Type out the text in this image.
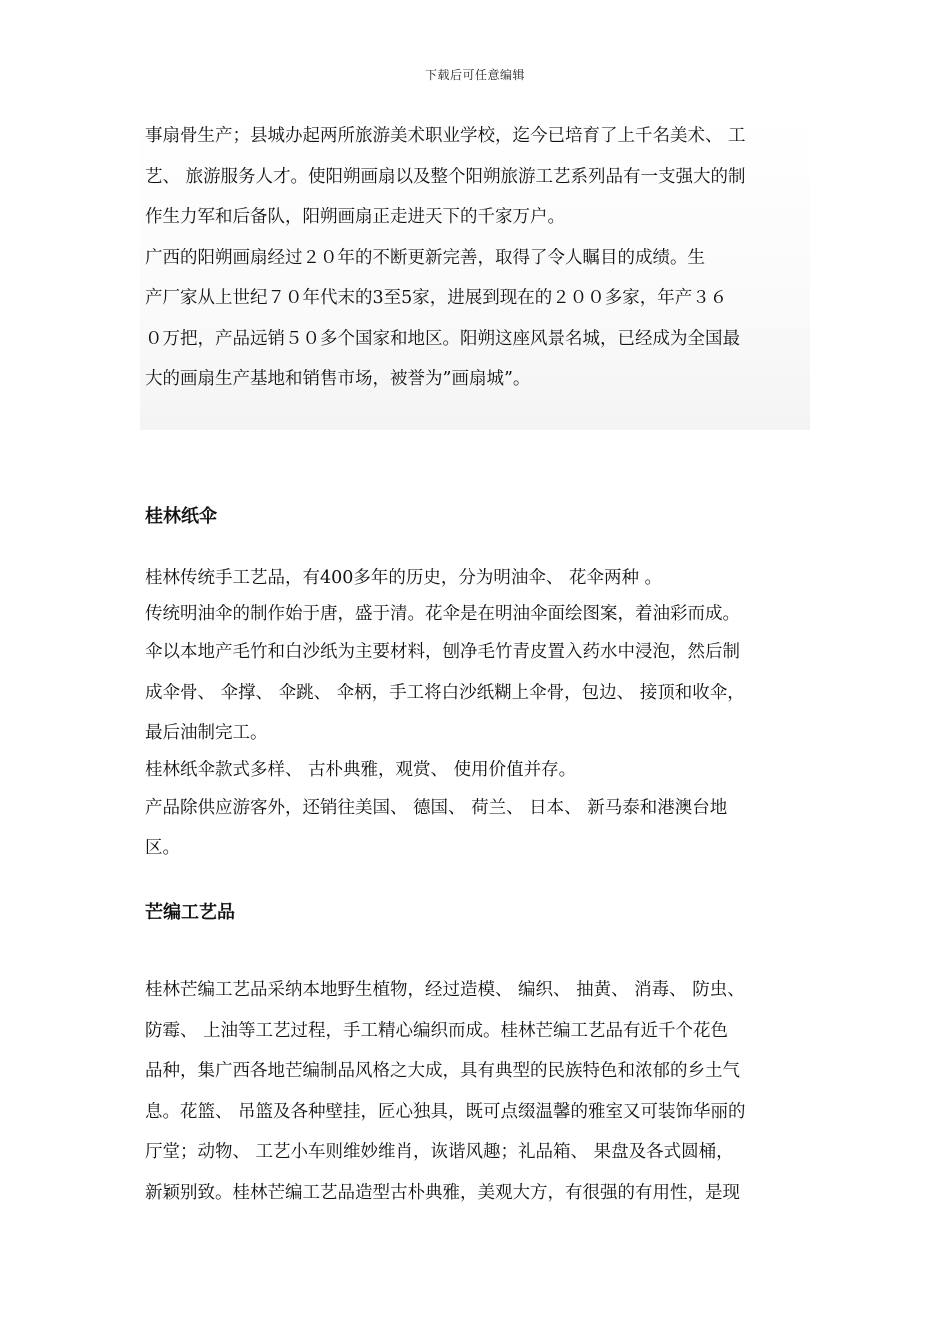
下载后可任意编辑
事扇骨生产；县城办起两所旅游美术职业学校，迄今已培育了上千名美术、 工
艺、 旅游服务人才。使阳朔画扇以及整个阳朔旅游工艺系列品有一支强大的制
作生力军和后备队，阳朔画扇正走进天下的千家万户。
　　广西的阳朔画扇经过２０年的不断更新完善，取得了令人瞩目的成绩。生
产厂家从上世纪７０年代末的3至5家，进展到现在的２００多家，年产３６
０万把，产品远销５０多个国家和地区。阳朔这座风景名城，已经成为全国最
大的画扇生产基地和销售市场，被誉为”画扇城”。
桂林纸伞
桂林传统手工艺品，有400多年的历史，分为明油伞、 花伞两种 。
传统明油伞的制作始于唐，盛于清。花伞是在明油伞面绘图案，着油彩而成。
伞以本地产毛竹和白沙纸为主要材料，刨净毛竹青皮置入药水中浸泡，然后制
成伞骨、 伞撑、 伞跳、 伞柄，手工将白沙纸糊上伞骨，包边、 接顶和收伞，
最后油制完工。
桂林纸伞款式多样、 古朴典雅，观赏、 使用价值并存。
产品除供应游客外，还销往美国、 德国、 荷兰、 日本、 新马泰和港澳台地
区。
芒编工艺品
桂林芒编工艺品采纳本地野生植物，经过造模、 编织、 抽黄、 消毒、 防虫、
防霉、 上油等工艺过程，手工精心编织而成。桂林芒编工艺品有近千个花色
品种，集广西各地芒编制品风格之大成，具有典型的民族特色和浓郁的乡土气
息。花篮、 吊篮及各种壁挂，匠心独具，既可点缀温馨的雅室又可装饰华丽的
厅堂；动物、 工艺小车则维妙维肖，诙谐风趣；礼品箱、 果盘及各式圆桶，
新颖别致。桂林芒编工艺品造型古朴典雅，美观大方，有很强的有用性，是现
